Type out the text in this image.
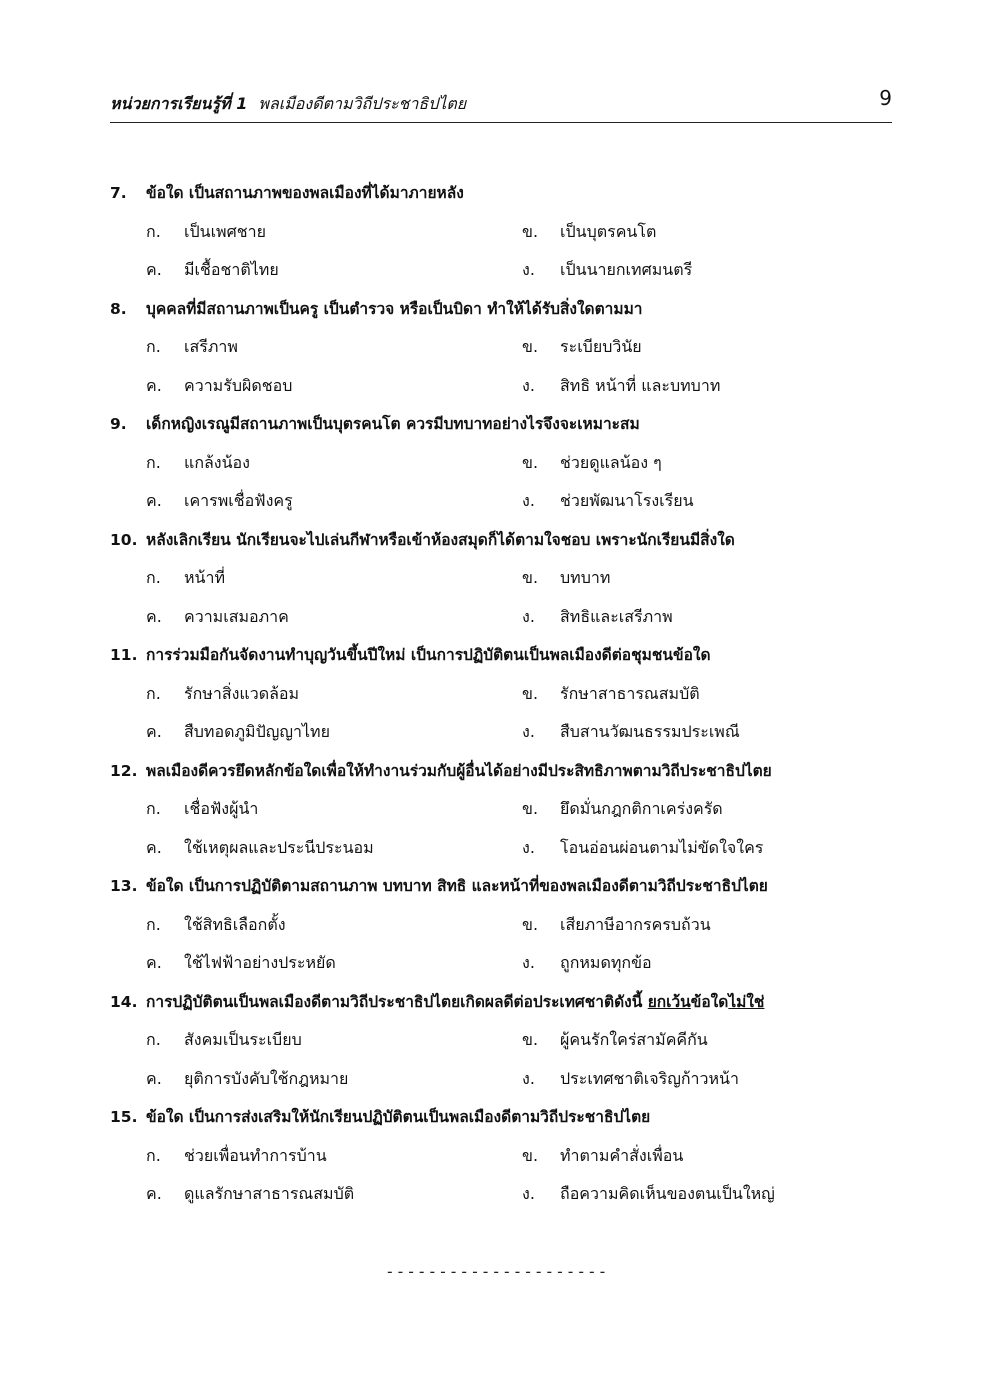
หน่วยการเรียนรู้ที่ 1 พลเมืองดีตามวิถีประชาธิปไตย	9
7. ข้อใด เป็นสถานภาพของพลเมืองที่ได้มาภายหลัง
ก. เป็นเพศชาย	ข. เป็นบุตรคนโต
ค. มีเชื้อชาติไทย	ง. เป็นนายกเทศมนตรี
8. บุคคลที่มีสถานภาพเป็นครู เป็นตำรวจ หรือเป็นบิดา ทำให้ได้รับสิ่งใดตามมา
ก. เสรีภาพ	ข. ระเบียบวินัย
ค. ความรับผิดชอบ	ง. สิทธิ หน้าที่ และบทบาท
9. เด็กหญิงเรณูมีสถานภาพเป็นบุตรคนโต ควรมีบทบาทอย่างไรจึงจะเหมาะสม
ก. แกล้งน้อง	ข. ช่วยดูแลน้อง ๆ
ค. เคารพเชื่อฟังครู	ง. ช่วยพัฒนาโรงเรียน
10. หลังเลิกเรียน นักเรียนจะไปเล่นกีฬาหรือเข้าห้องสมุดก็ได้ตามใจชอบ เพราะนักเรียนมีสิ่งใด
ก. หน้าที่	ข. บทบาท
ค. ความเสมอภาค	ง. สิทธิและเสรีภาพ
11. การร่วมมือกันจัดงานทำบุญวันขึ้นปีใหม่ เป็นการปฏิบัติตนเป็นพลเมืองดีต่อชุมชนข้อใด
ก. รักษาสิ่งแวดล้อม	ข. รักษาสาธารณสมบัติ
ค. สืบทอดภูมิปัญญาไทย	ง. สืบสานวัฒนธรรมประเพณี
12. พลเมืองดีควรยึดหลักข้อใดเพื่อให้ทำงานร่วมกับผู้อื่นได้อย่างมีประสิทธิภาพตามวิถีประชาธิปไตย
ก. เชื่อฟังผู้นำ	ข. ยึดมั่นกฎกติกาเคร่งครัด
ค. ใช้เหตุผลและประนีประนอม	ง. โอนอ่อนผ่อนตามไม่ขัดใจใคร
13. ข้อใด เป็นการปฏิบัติตามสถานภาพ บทบาท สิทธิ และหน้าที่ของพลเมืองดีตามวิถีประชาธิปไตย
ก. ใช้สิทธิเลือกตั้ง	ข. เสียภาษีอากรครบถ้วน
ค. ใช้ไฟฟ้าอย่างประหยัด	ง. ถูกหมดทุกข้อ
14. การปฏิบัติตนเป็นพลเมืองดีตามวิถีประชาธิปไตยเกิดผลดีต่อประเทศชาติดังนี้ ยกเว้นข้อใดไม่ใช่
ก. สังคมเป็นระเบียบ	ข. ผู้คนรักใคร่สามัคคีกัน
ค. ยุติการบังคับใช้กฎหมาย	ง. ประเทศชาติเจริญก้าวหน้า
15. ข้อใด เป็นการส่งเสริมให้นักเรียนปฏิบัติตนเป็นพลเมืองดีตามวิถีประชาธิปไตย
ก. ช่วยเพื่อนทำการบ้าน	ข. ทำตามคำสั่งเพื่อน
ค. ดูแลรักษาสาธารณสมบัติ	ง. ถือความคิดเห็นของตนเป็นใหญ่
---------------------
